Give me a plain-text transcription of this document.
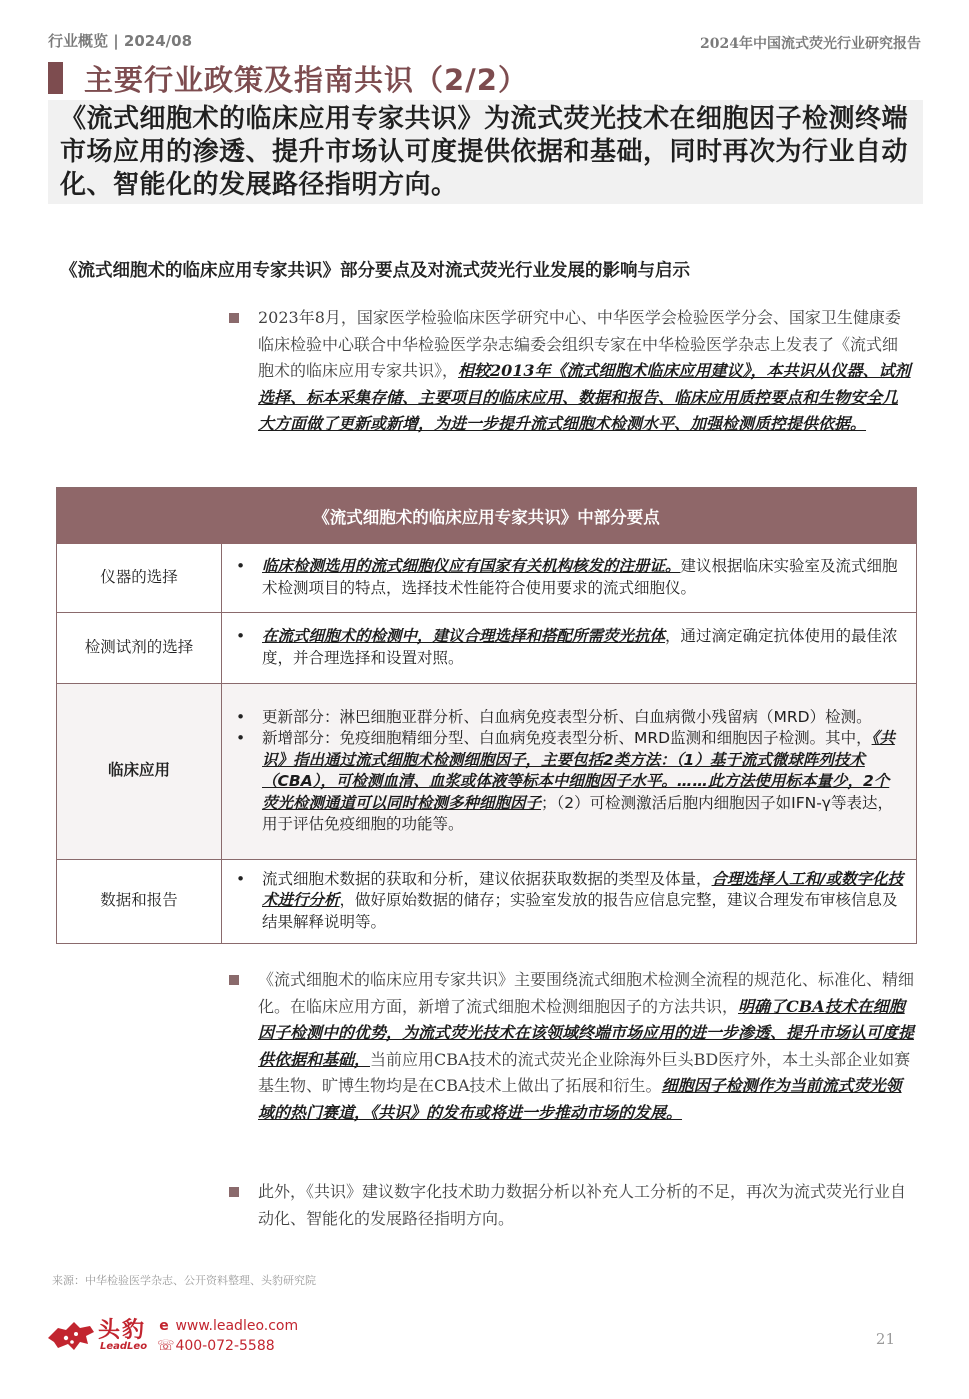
行业概览 | 2024/08	2024年中国流式荧光行业研究报告
主要行业政策及指南共识（2/2）
《流式细胞术的临床应用专家共识》为流式荧光技术在细胞因子检测终端市场应用的渗透、提升市场认可度提供依据和基础，同时再次为行业自动化、智能化的发展路径指明方向。
《流式细胞术的临床应用专家共识》部分要点及对流式荧光行业发展的影响与启示
2023年8月，国家医学检验临床医学研究中心、中华医学会检验医学分会、国家卫生健康委临床检验中心联合中华检验医学杂志编委会组织专家在中华检验医学杂志上发表了《流式细胞术的临床应用专家共识》，相较2013年《流式细胞术临床应用建议》，本共识从仪器、试剂选择、标本采集存储、主要项目的临床应用、数据和报告、临床应用质控要点和生物安全几大方面做了更新或新增，为进一步提升流式细胞术检测水平、加强检测质控提供依据。
《流式细胞术的临床应用专家共识》中部分要点	
仪器的选择	• 临床检测选用的流式细胞仪应有国家有关机构核发的注册证。建议根据临床实验室及流式细胞术检测项目的特点，选择技术性能符合使用要求的流式细胞仪。

检测试剂的选择	• 在流式细胞术的检测中，建议合理选择和搭配所需荧光抗体，通过滴定确定抗体使用的最佳浓度，并合理选择和设置对照。

临床应用	• 更新部分：淋巴细胞亚群分析、白血病免疫表型分析、白血病微小残留病（MRD）检测。
• 新增部分：免疫细胞精细分型、白血病免疫表型分析、MRD监测和细胞因子检测。其中，《共识》指出通过流式细胞术检测细胞因子，主要包括2类方法：（1）基于流式微球阵列技术（CBA），可检测血清、血浆或体液等标本中细胞因子水平。……此方法使用标本量少，2个荧光检测通道可以同时检测多种细胞因子；（2）可检测激活后胞内细胞因子如IFN-γ等表达，用于评估免疫细胞的功能等。

数据和报告	• 流式细胞术数据的获取和分析，建议依据获取数据的类型及体量，合理选择人工和/或数字化技术进行分析，做好原始数据的储存；实验室发放的报告应信息完整，建议合理发布审核信息及结果解释说明等。
《流式细胞术的临床应用专家共识》主要围绕流式细胞术检测全流程的规范化、标准化、精细化。在临床应用方面，新增了流式细胞术检测细胞因子的方法共识，明确了CBA技术在细胞因子检测中的优势，为流式荧光技术在该领域终端市场应用的进一步渗透、提升市场认可度提供依据和基础，当前应用CBA技术的流式荧光企业除海外巨头BD医疗外，本土头部企业如赛基生物、旷博生物均是在CBA技术上做出了拓展和衍生。细胞因子检测作为当前流式荧光领域的热门赛道，《共识》的发布或将进一步推动市场的发展。
此外，《共识》建议数字化技术助力数据分析以补充人工分析的不足，再次为流式荧光行业自动化、智能化的发展路径指明方向。
来源：中华检验医学杂志、公开资料整理、头豹研究院
头豹
LeadLeo
e www.leadleo.com
☏ 400-072-5588	21
